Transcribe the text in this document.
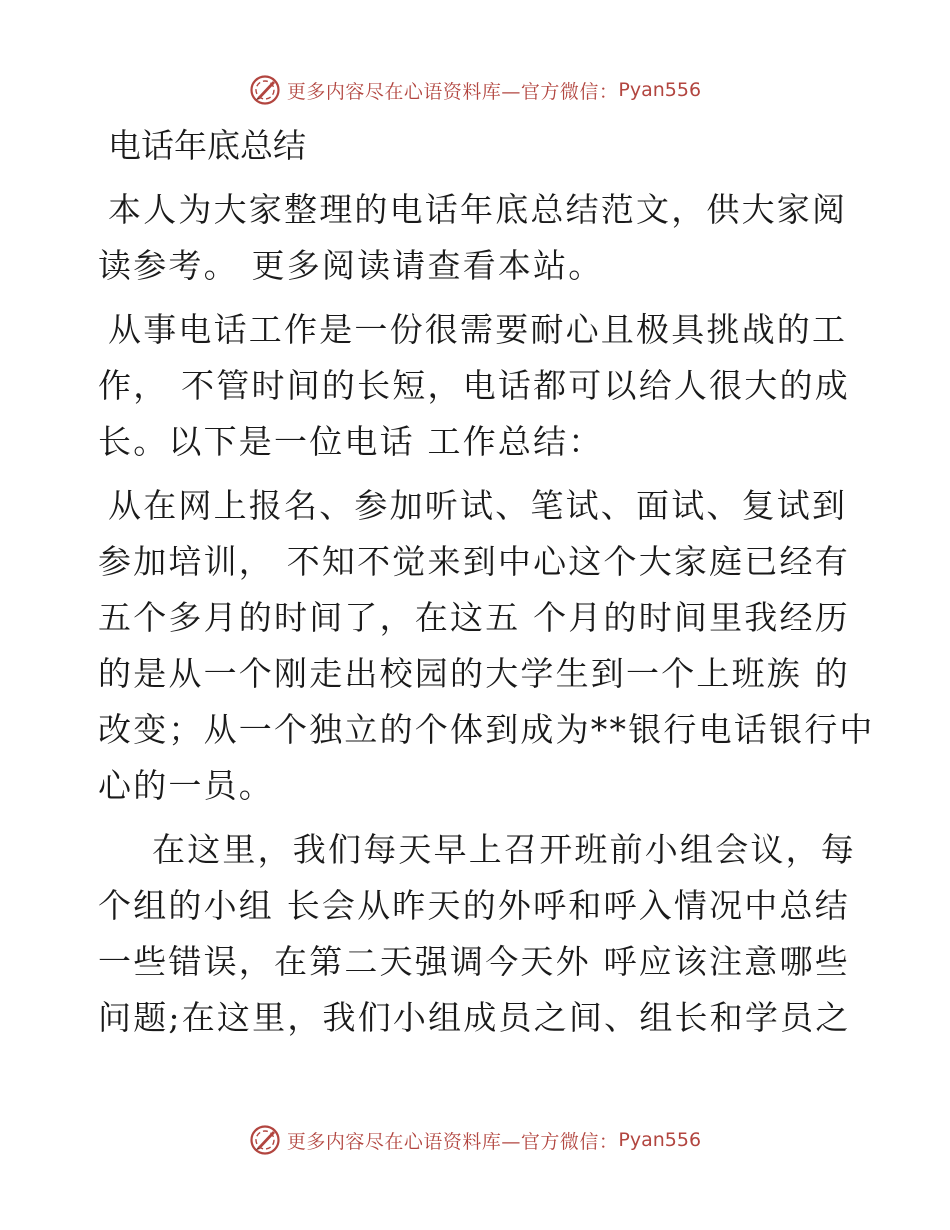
更多内容尽在心语资料库—官方微信： Pyan556
电话年底总结
本人为大家整理的电话年底总结范文，供大家阅
读参考。 更多阅读请查看本站。
从事电话工作是一份很需要耐心且极具挑战的工
作， 不管时间的长短，电话都可以给人很大的成
长。以下是一位电话 工作总结：
从在网上报名、参加听试、笔试、面试、复试到
参加培训， 不知不觉来到中心这个大家庭已经有
五个多月的时间了，在这五 个月的时间里我经历
的是从一个刚走出校园的大学生到一个上班族 的
改变；从一个独立的个体到成为**银行电话银行中
心的一员。
在这里，我们每天早上召开班前小组会议，每
个组的小组 长会从昨天的外呼和呼入情况中总结
一些错误，在第二天强调今天外 呼应该注意哪些
问题;在这里，我们小组成员之间、组长和学员之
更多内容尽在心语资料库—官方微信： Pyan556
